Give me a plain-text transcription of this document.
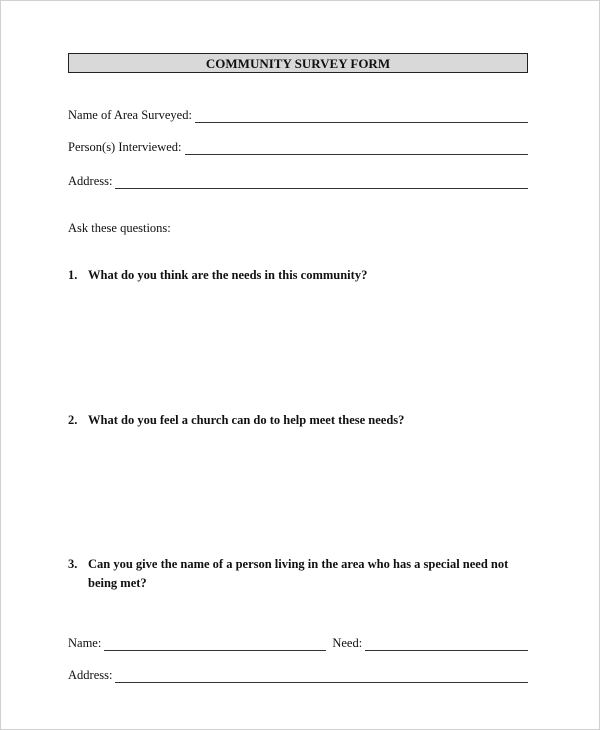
COMMUNITY SURVEY FORM
Name of Area Surveyed:
Person(s) Interviewed:
Address:
Ask these questions:
1. What do you think are the needs in this community?
2. What do you feel a church can do to help meet these needs?
3. Can you give the name of a person living in the area who has a special need not being met?
Name:	Need:
Address:
